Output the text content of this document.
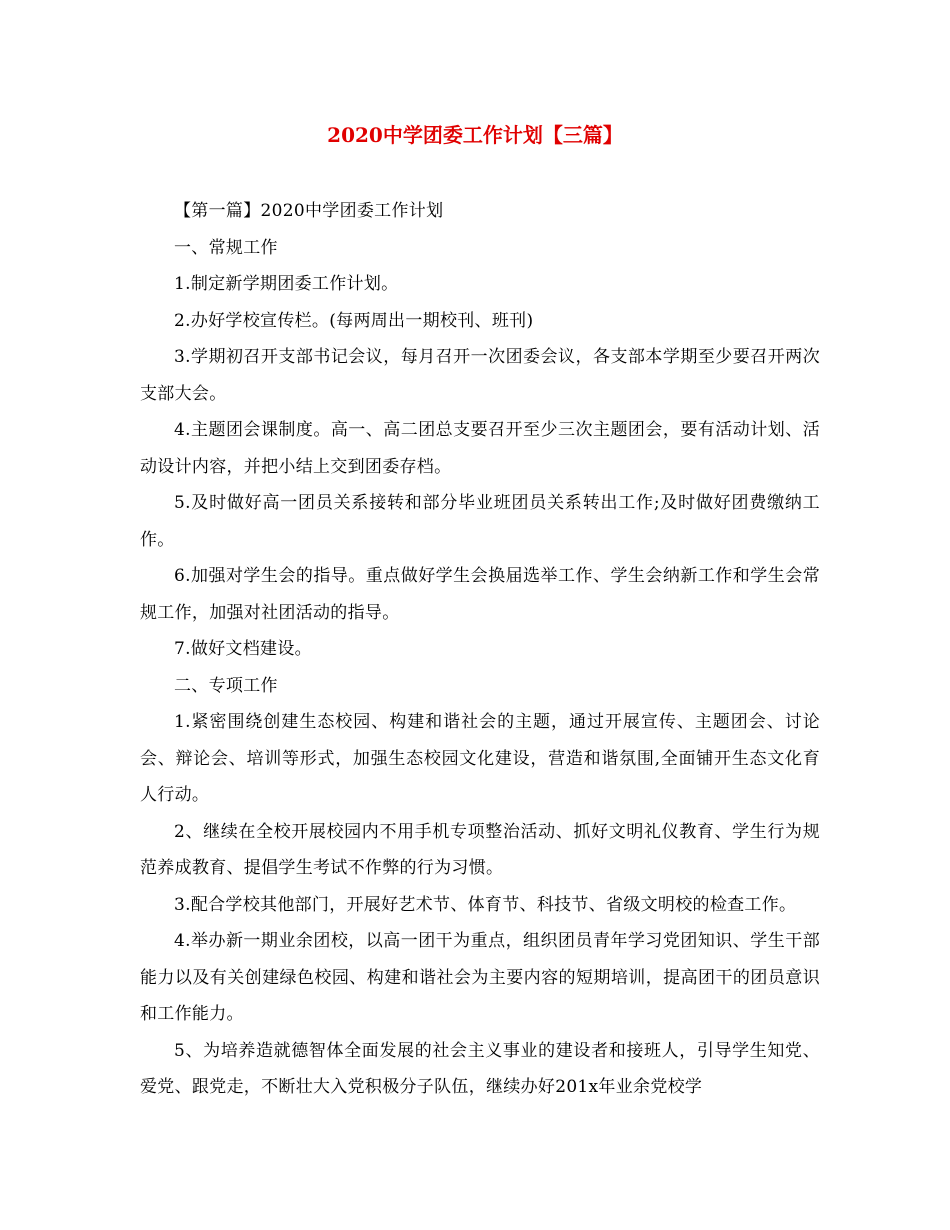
2020中学团委工作计划【三篇】

【第一篇】2020中学团委工作计划

一、常规工作

1.制定新学期团委工作计划。

2.办好学校宣传栏。(每两周出一期校刊、班刊)

3.学期初召开支部书记会议，每月召开一次团委会议，各支部本学期至少要召开两次支部大会。

4.主题团会课制度。高一、高二团总支要召开至少三次主题团会，要有活动计划、活动设计内容，并把小结上交到团委存档。

5.及时做好高一团员关系接转和部分毕业班团员关系转出工作;及时做好团费缴纳工作。

6.加强对学生会的指导。重点做好学生会换届选举工作、学生会纳新工作和学生会常规工作，加强对社团活动的指导。

7.做好文档建设。

二、专项工作

1.紧密围绕创建生态校园、构建和谐社会的主题，通过开展宣传、主题团会、讨论会、辩论会、培训等形式，加强生态校园文化建设，营造和谐氛围,全面铺开生态文化育人行动。

2、继续在全校开展校园内不用手机专项整治活动、抓好文明礼仪教育、学生行为规范养成教育、提倡学生考试不作弊的行为习惯。

3.配合学校其他部门，开展好艺术节、体育节、科技节、省级文明校的检查工作。

4.举办新一期业余团校，以高一团干为重点，组织团员青年学习党团知识、学生干部能力以及有关创建绿色校园、构建和谐社会为主要内容的短期培训，提高团干的团员意识和工作能力。

5、为培养造就德智体全面发展的社会主义事业的建设者和接班人，引导学生知党、爱党、跟党走，不断壮大入党积极分子队伍，继续办好201x年业余党校学
